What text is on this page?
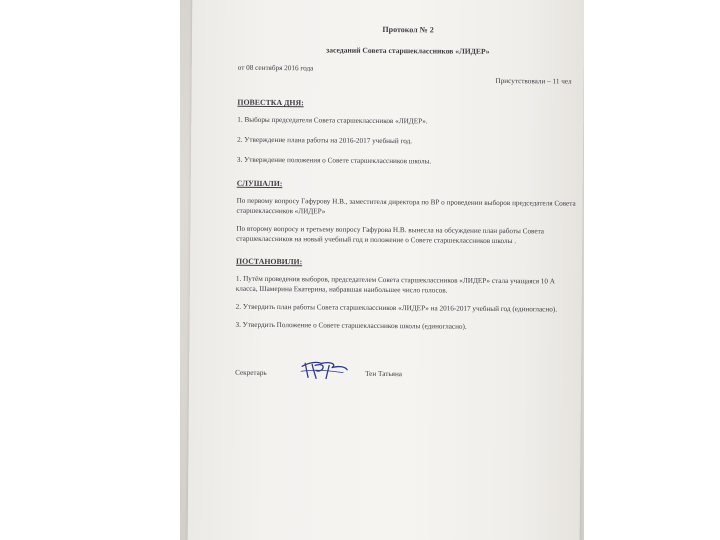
Протокол № 2

заседаний Совета старшеклассников «ЛИДЕР»

от 08 сентября 2016 года

Присутствовали – 11 чел

ПОВЕСТКА ДНЯ:

1. Выборы председателя Совета старшеклассников «ЛИДЕР».

2. Утверждение плана работы на 2016-2017 учебный год.

3. Утверждение положения о Совете старшеклассников школы.

СЛУШАЛИ:

По первому вопросу Гафурову Н.В., заместителя директора по ВР о проведении выборов председателя Совета старшеклассников «ЛИДЕР»

По второму вопросу и третьему вопросу Гафурова Н.В. вынесла на обсуждение план работы Совета старшеклассников на новый учебный год и положение о Совете старшеклассников школы .

ПОСТАНОВИЛИ:

1. Путём проведения выборов, председателем Совета старшеклассников «ЛИДЕР» стала учащаяся 10 А класса, Шамерина Екатерина, набравшая наибольшее число голосов.

2. Утвердить план работы Совета старшеклассников «ЛИДЕР» на 2016-2017 учебный год (единогласно).

3. Утвердить Положение о Совете старшеклассников школы (единогласно).

Секретарь	Тен Татьяна
